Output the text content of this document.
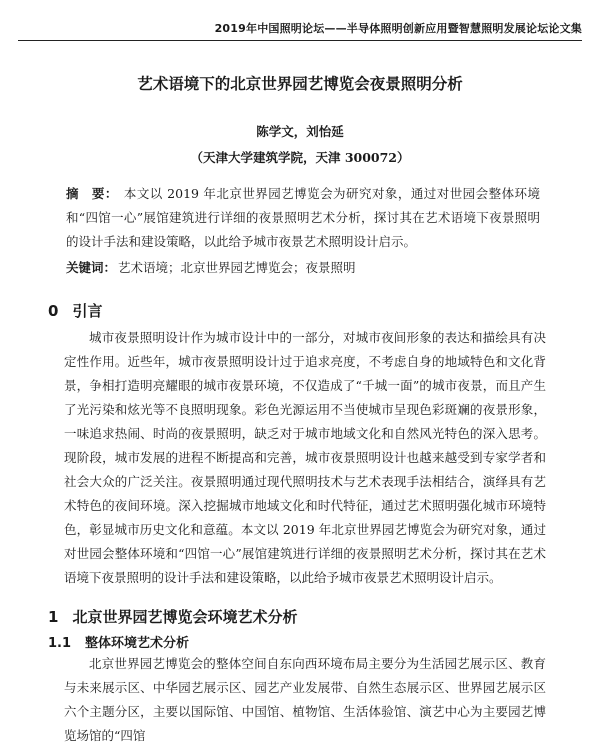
2019年中国照明论坛——半导体照明创新应用暨智慧照明发展论坛论文集
艺术语境下的北京世界园艺博览会夜景照明分析
陈学文，刘怡延
（天津大学建筑学院，天津 300072）
摘　要： 本文以 2019 年北京世界园艺博览会为研究对象，通过对世园会整体环境和“四馆一心”展馆建筑进行详细的夜景照明艺术分析，探讨其在艺术语境下夜景照明的设计手法和建设策略，以此给予城市夜景艺术照明设计启示。
关键词： 艺术语境；北京世界园艺博览会；夜景照明
0 引言
城市夜景照明设计作为城市设计中的一部分，对城市夜间形象的表达和描绘具有决定性作用。近些年，城市夜景照明设计过于追求亮度，不考虑自身的地域特色和文化背景，争相打造明亮耀眼的城市夜景环境，不仅造成了“千城一面”的城市夜景，而且产生了光污染和炫光等不良照明现象。彩色光源运用不当使城市呈现色彩斑斓的夜景形象，一味追求热闹、时尚的夜景照明，缺乏对于城市地域文化和自然风光特色的深入思考。现阶段，城市发展的进程不断提高和完善，城市夜景照明设计也越来越受到专家学者和社会大众的广泛关注。夜景照明通过现代照明技术与艺术表现手法相结合，演绎具有艺术特色的夜间环境。深入挖掘城市地域文化和时代特征，通过艺术照明强化城市环境特色，彰显城市历史文化和意蕴。本文以 2019 年北京世界园艺博览会为研究对象，通过对世园会整体环境和“四馆一心”展馆建筑进行详细的夜景照明艺术分析，探讨其在艺术语境下夜景照明的设计手法和建设策略，以此给予城市夜景艺术照明设计启示。
1 北京世界园艺博览会环境艺术分析
1.1 整体环境艺术分析
北京世界园艺博览会的整体空间自东向西环境布局主要分为生活园艺展示区、教育与未来展示区、中华园艺展示区、园艺产业发展带、自然生态展示区、世界园艺展示区六个主题分区，主要以国际馆、中国馆、植物馆、生活体验馆、演艺中心为主要园艺博览场馆的“四馆
